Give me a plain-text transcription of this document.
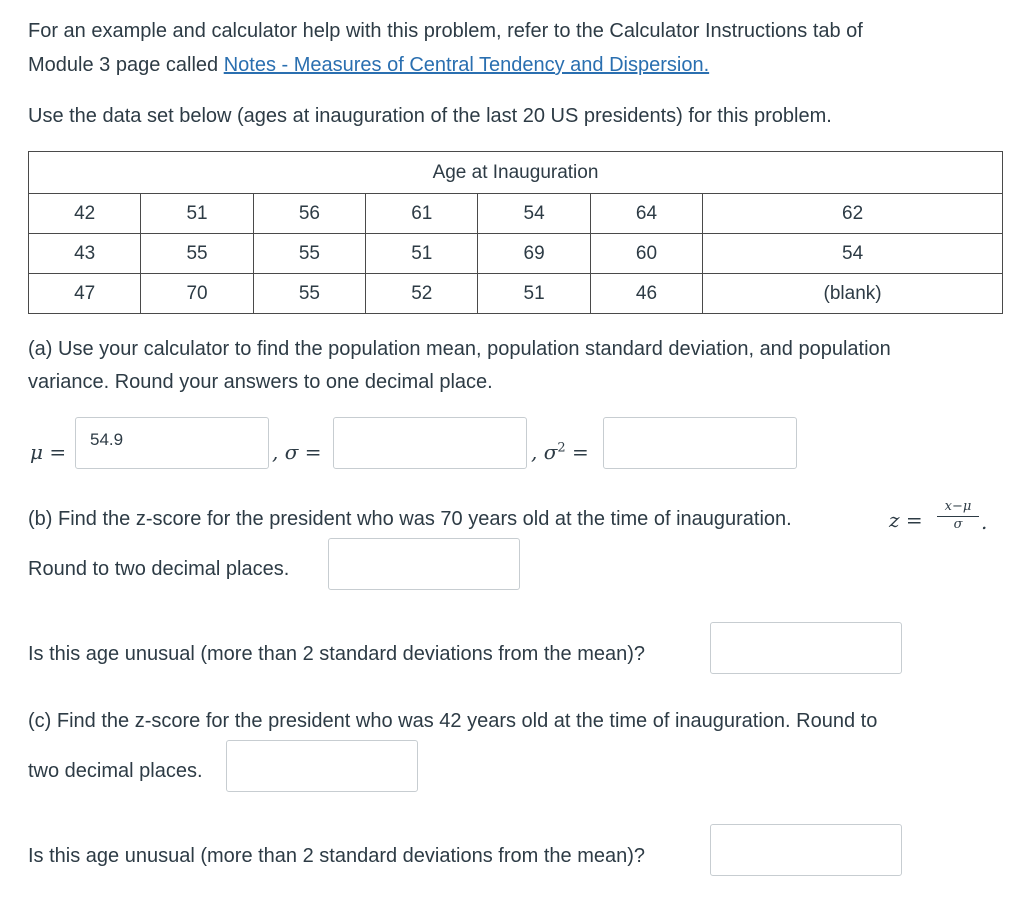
For an example and calculator help with this problem, refer to the Calculator Instructions tab of
Module 3 page called Notes - Measures of Central Tendency and Dispersion.
Use the data set below (ages at inauguration of the last 20 US presidents) for this problem.
Age at Inauguration						
42	51	56	61	54	64	62
43	55	55	51	69	60	54
47	70	55	52	51	46	(blank)
(a) Use your calculator to find the population mean, population standard deviation, and population
variance. Round your answers to one decimal place.
μ =
54.9
, σ =	, $\sigma^2$ =
(b) Find the z-score for the president who was 70 years old at the time of inauguration.	$z = \frac{x-\mu}{\sigma}$ .
Round to two decimal places.
Is this age unusual (more than 2 standard deviations from the mean)?
(c) Find the z-score for the president who was 42 years old at the time of inauguration. Round to
two decimal places.
Is this age unusual (more than 2 standard deviations from the mean)?
